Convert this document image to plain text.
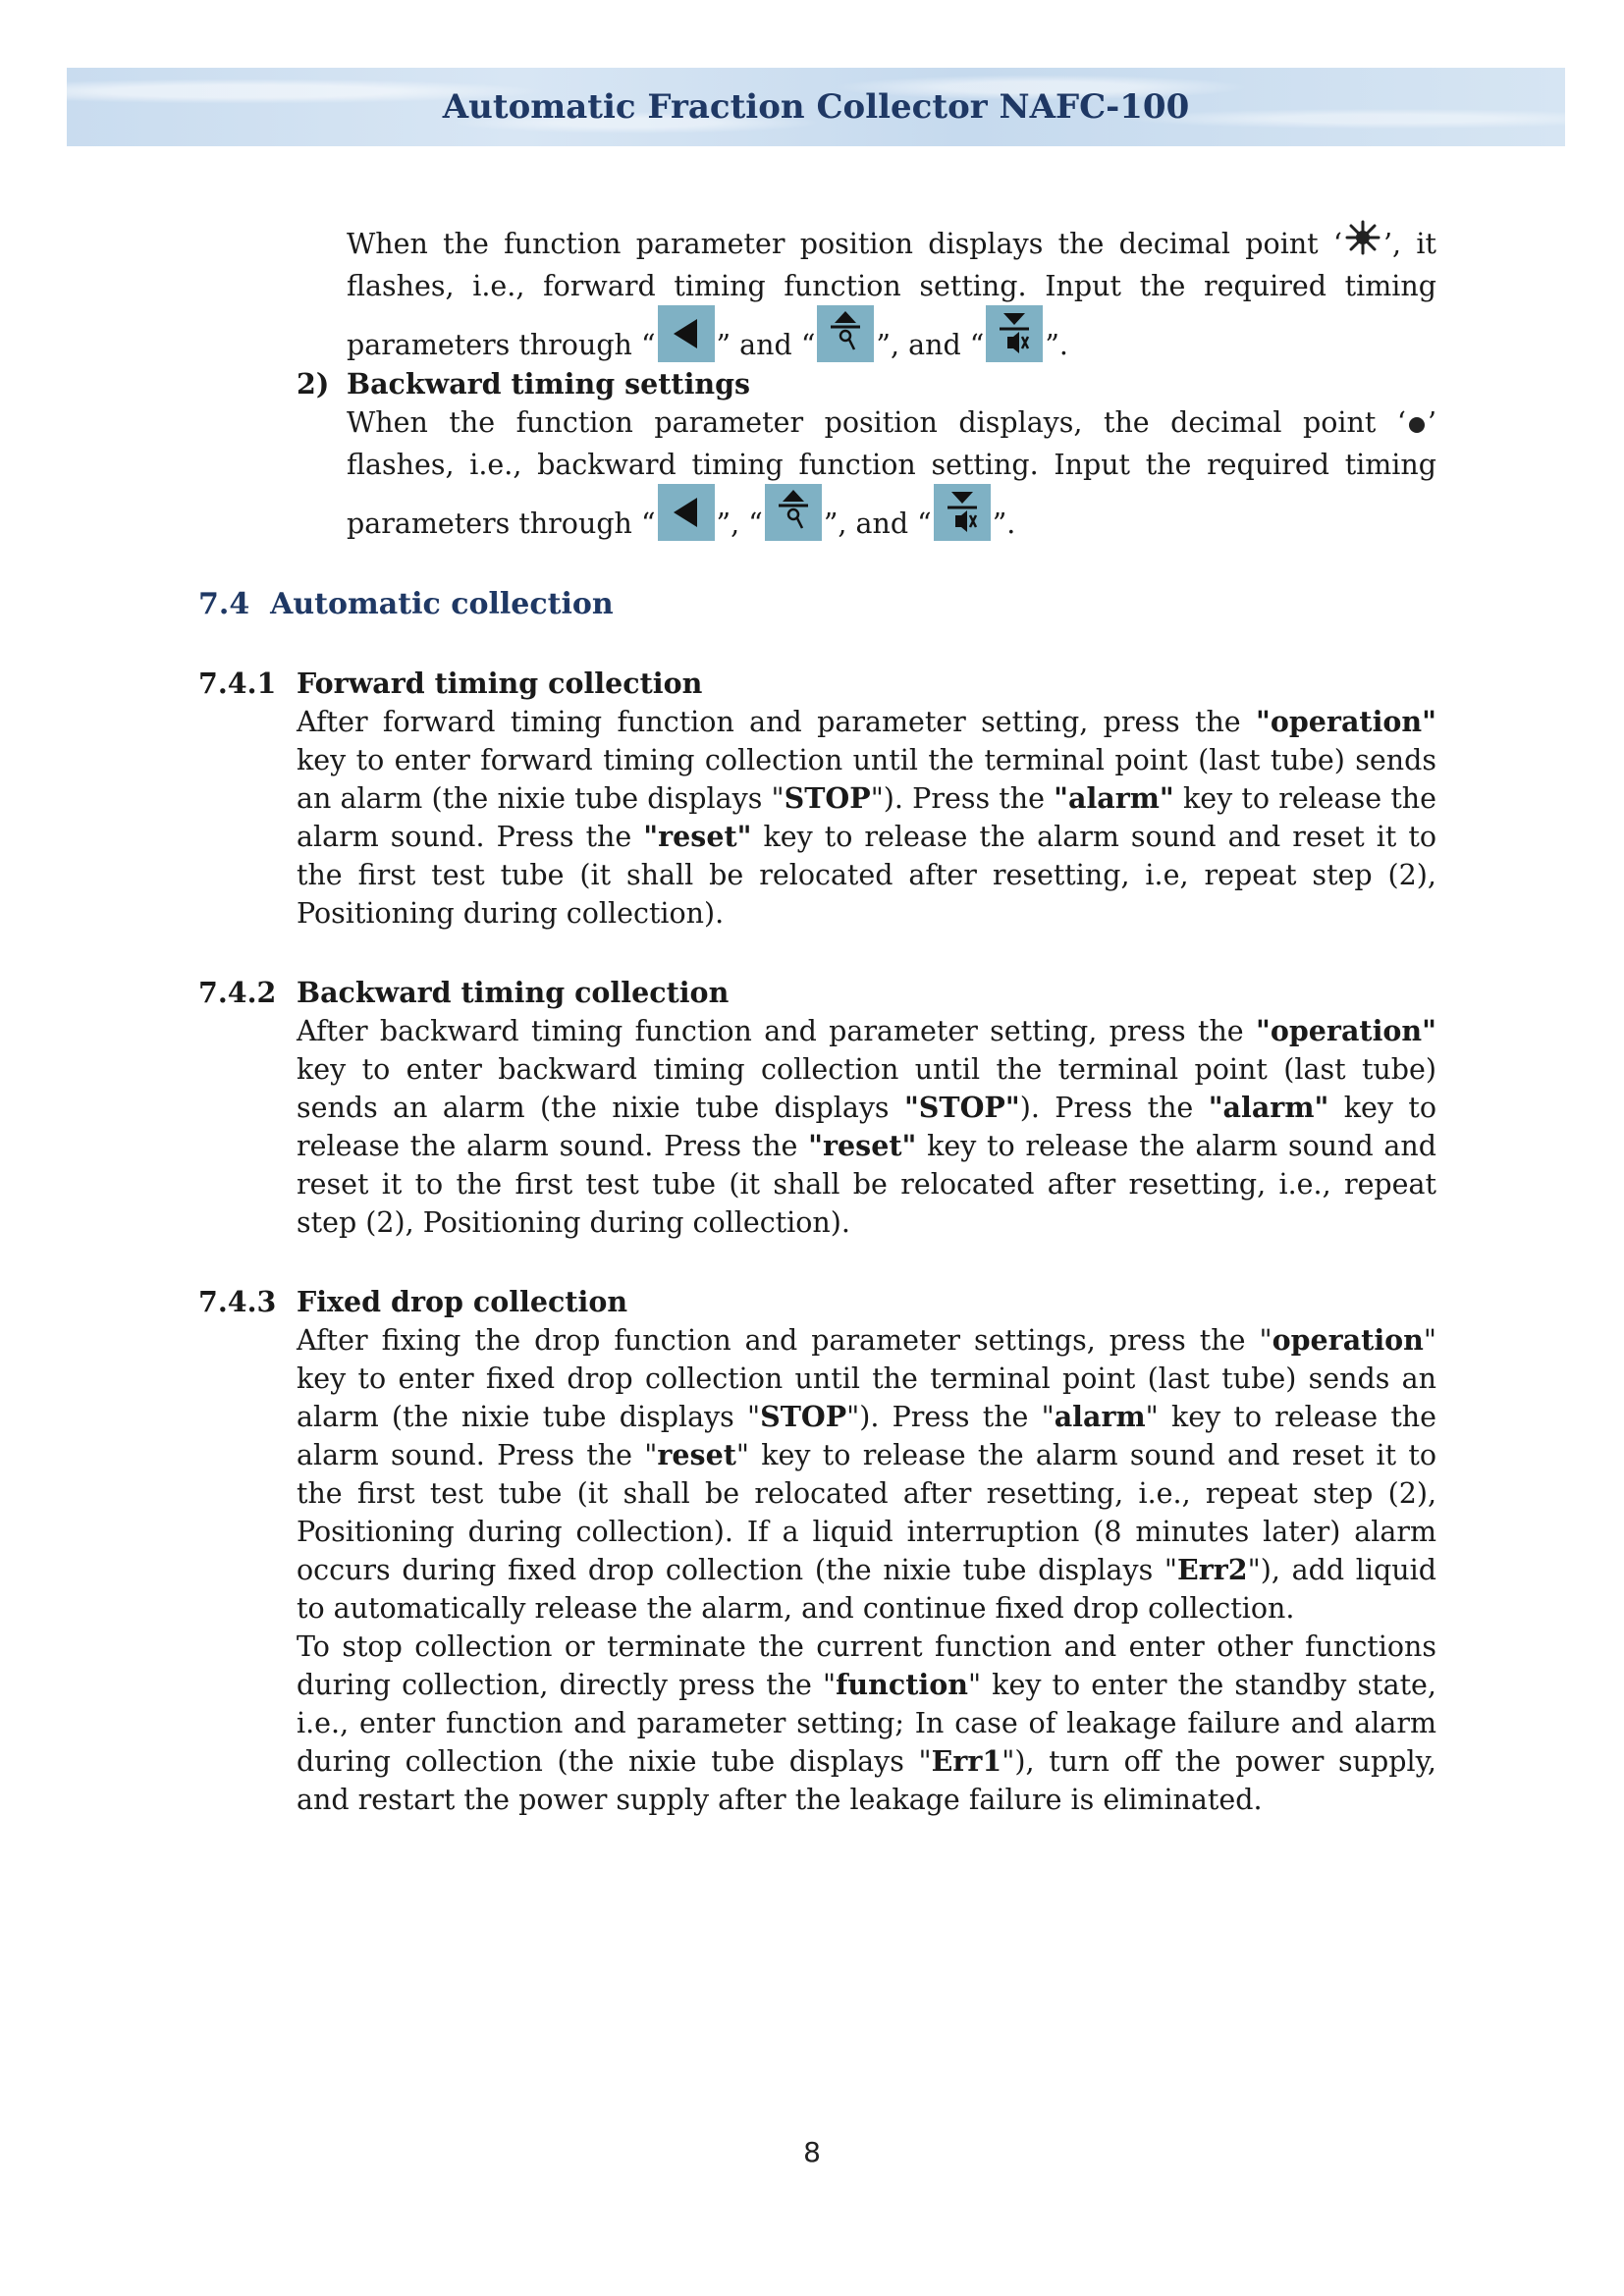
Automatic Fraction Collector NAFC-100

When the function parameter position displays the decimal point ‘ ’, it flashes, i.e., forward timing function setting. Input the required timing parameters through “ ” and “ ”, and “ ”.

2) Backward timing settings

When the function parameter position displays, the decimal point ‘ ’ flashes, i.e., backward timing function setting. Input the required timing parameters through “ ”, “ ”, and “ ”.

7.4 Automatic collection
7.4.1 Forward timing collection

After forward timing function and parameter setting, press the "operation" key to enter forward timing collection until the terminal point (last tube) sends an alarm (the nixie tube displays "STOP"). Press the "alarm" key to release the alarm sound. Press the "reset" key to release the alarm sound and reset it to the first test tube (it shall be relocated after resetting, i.e, repeat step (2), Positioning during collection).

7.4.2 Backward timing collection

After backward timing function and parameter setting, press the "operation" key to enter backward timing collection until the terminal point (last tube) sends an alarm (the nixie tube displays "STOP"). Press the "alarm" key to release the alarm sound. Press the "reset" key to release the alarm sound and reset it to the first test tube (it shall be relocated after resetting, i.e., repeat step (2), Positioning during collection).

7.4.3 Fixed drop collection

After fixing the drop function and parameter settings, press the "operation" key to enter fixed drop collection until the terminal point (last tube) sends an alarm (the nixie tube displays "STOP"). Press the "alarm" key to release the alarm sound. Press the "reset" key to release the alarm sound and reset it to the first test tube (it shall be relocated after resetting, i.e., repeat step (2), Positioning during collection). If a liquid interruption (8 minutes later) alarm occurs during fixed drop collection (the nixie tube displays "Err2"), add liquid to automatically release the alarm, and continue fixed drop collection.

To stop collection or terminate the current function and enter other functions during collection, directly press the "function" key to enter the standby state, i.e., enter function and parameter setting; In case of leakage failure and alarm during collection (the nixie tube displays "Err1"), turn off the power supply, and restart the power supply after the leakage failure is eliminated.

8
